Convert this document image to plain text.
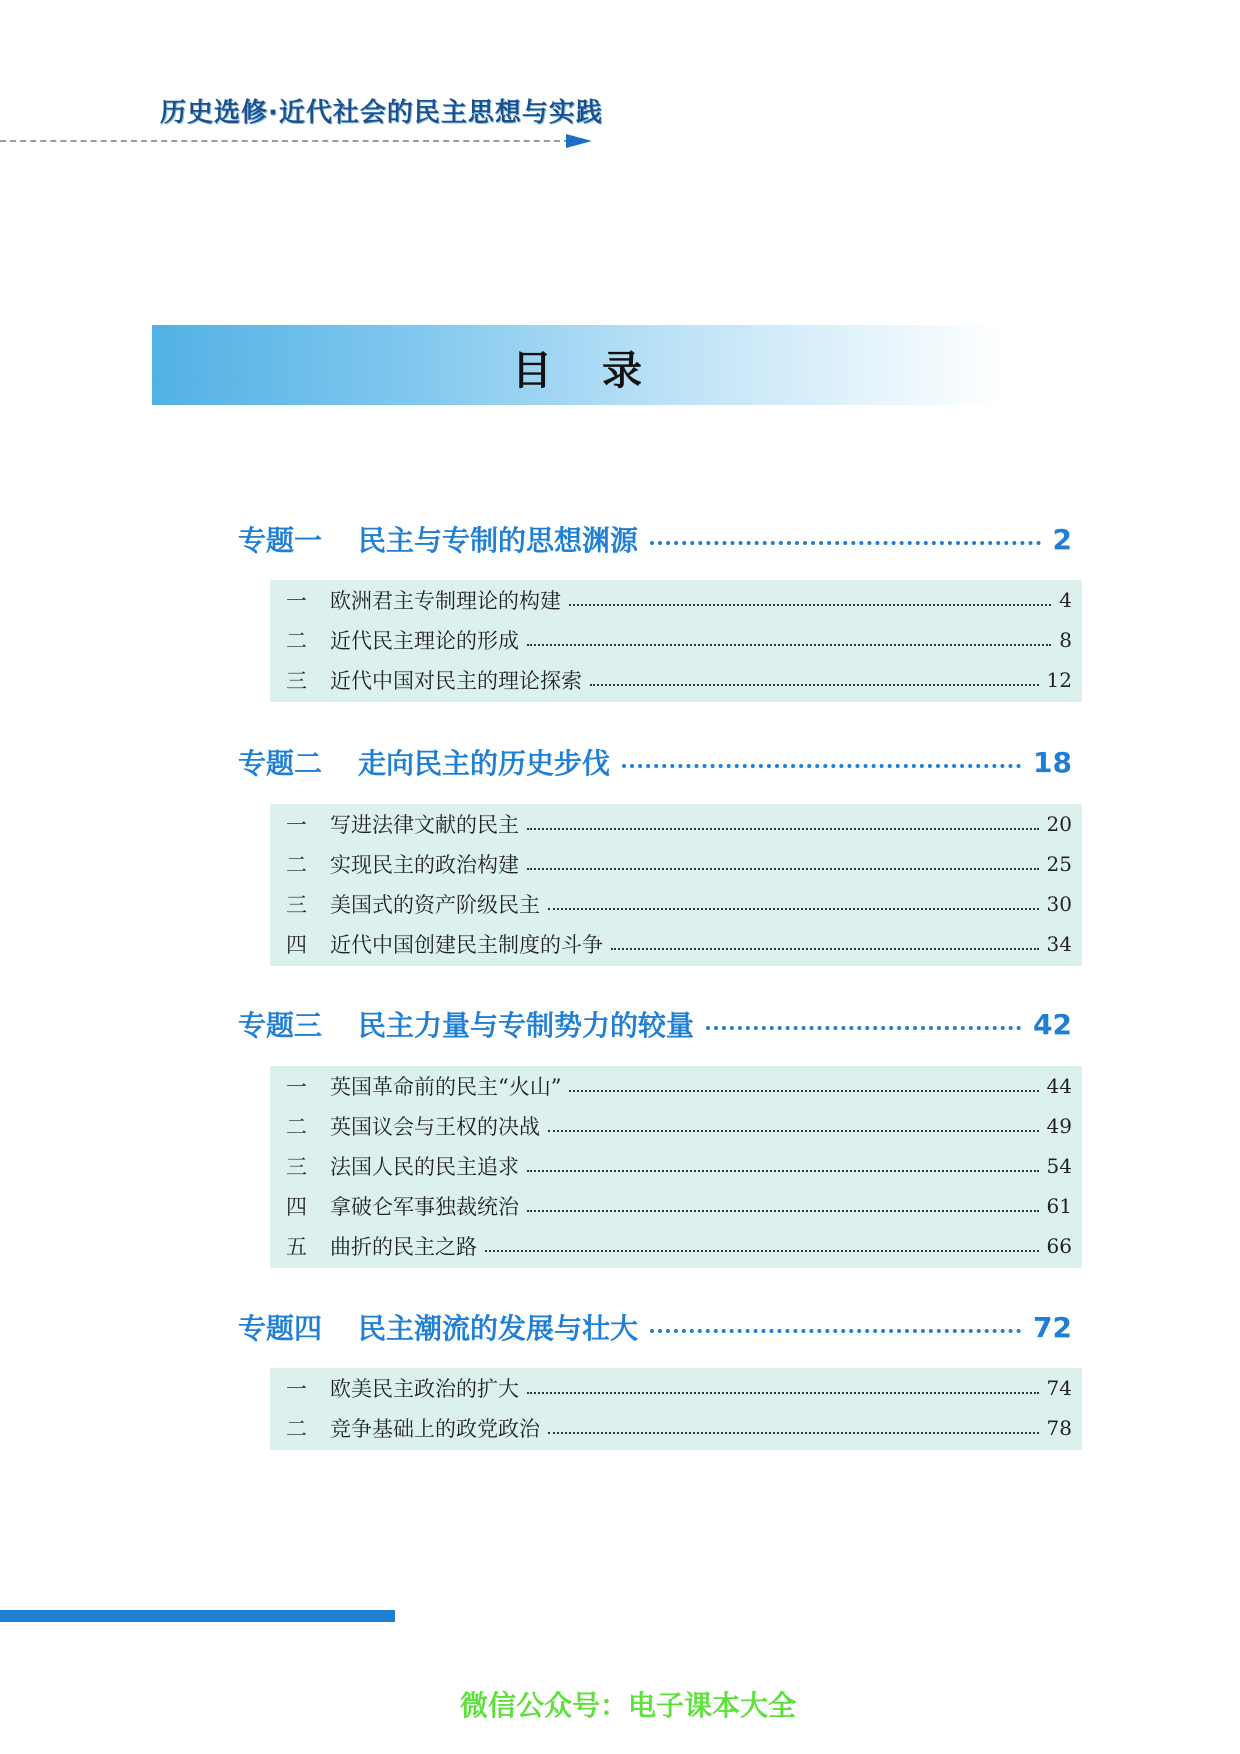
历史选修·近代社会的民主思想与实践
目录
专题一	民主与专制的思想渊源	2
一	欧洲君主专制理论的构建	4
二	近代民主理论的形成	8
三	近代中国对民主的理论探索	12
专题二	走向民主的历史步伐	18
一	写进法律文献的民主	20
二	实现民主的政治构建	25
三	美国式的资产阶级民主	30
四	近代中国创建民主制度的斗争	34
专题三	民主力量与专制势力的较量	42
一	英国革命前的民主“火山”	44
二	英国议会与王权的决战	49
三	法国人民的民主追求	54
四	拿破仑军事独裁统治	61
五	曲折的民主之路	66
专题四	民主潮流的发展与壮大	72
一	欧美民主政治的扩大	74
二	竞争基础上的政党政治	78
微信公众号：电子课本大全
